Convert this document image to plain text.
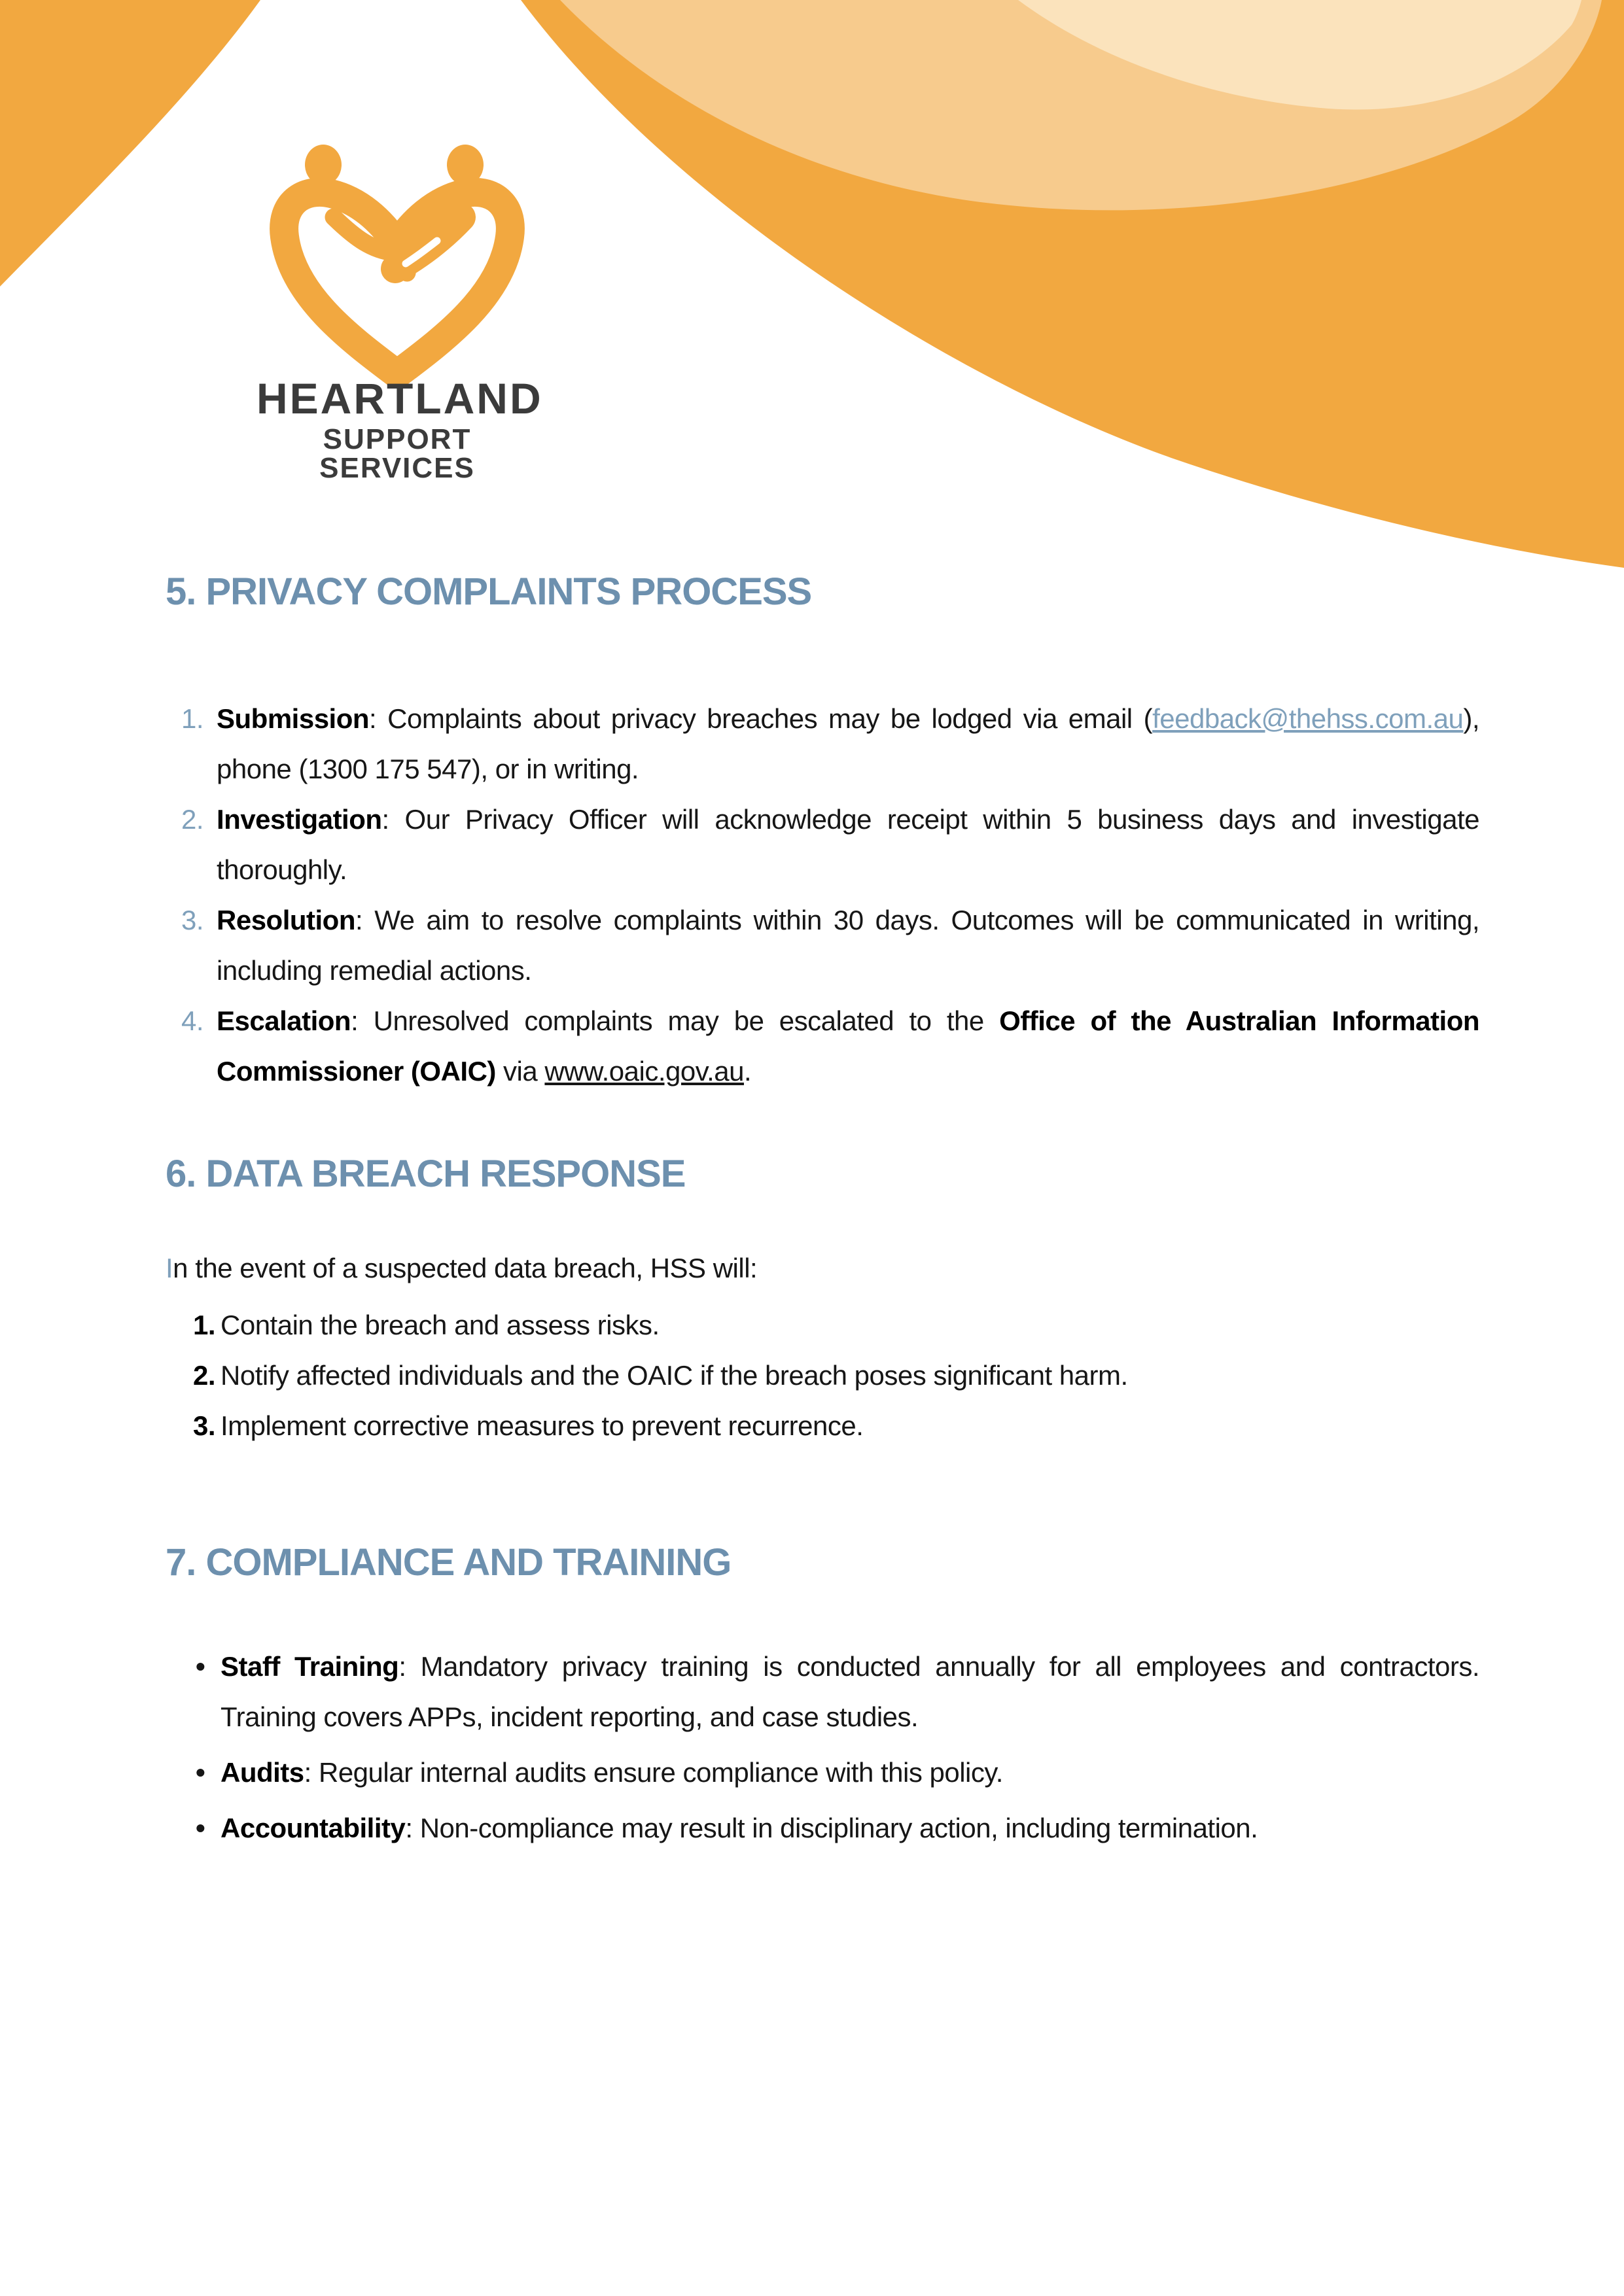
HEARTLAND
SUPPORT SERVICES
5. PRIVACY COMPLAINTS PROCESS
1. Submission: Complaints about privacy breaches may be lodged via email (feedback@thehss.com.au), phone (1300 175 547), or in writing.
2. Investigation: Our Privacy Officer will acknowledge receipt within 5 business days and investigate thoroughly.
3. Resolution: We aim to resolve complaints within 30 days. Outcomes will be communicated in writing, including remedial actions.
4. Escalation: Unresolved complaints may be escalated to the Office of the Australian Information Commissioner (OAIC) via www.oaic.gov.au.
6. DATA BREACH RESPONSE

In the event of a suspected data breach, HSS will:

1. Contain the breach and assess risks.
2. Notify affected individuals and the OAIC if the breach poses significant harm.
3. Implement corrective measures to prevent recurrence.
7. COMPLIANCE AND TRAINING
• Staff Training: Mandatory privacy training is conducted annually for all employees and contractors. Training covers APPs, incident reporting, and case studies.
• Audits: Regular internal audits ensure compliance with this policy.
• Accountability: Non-compliance may result in disciplinary action, including termination.
